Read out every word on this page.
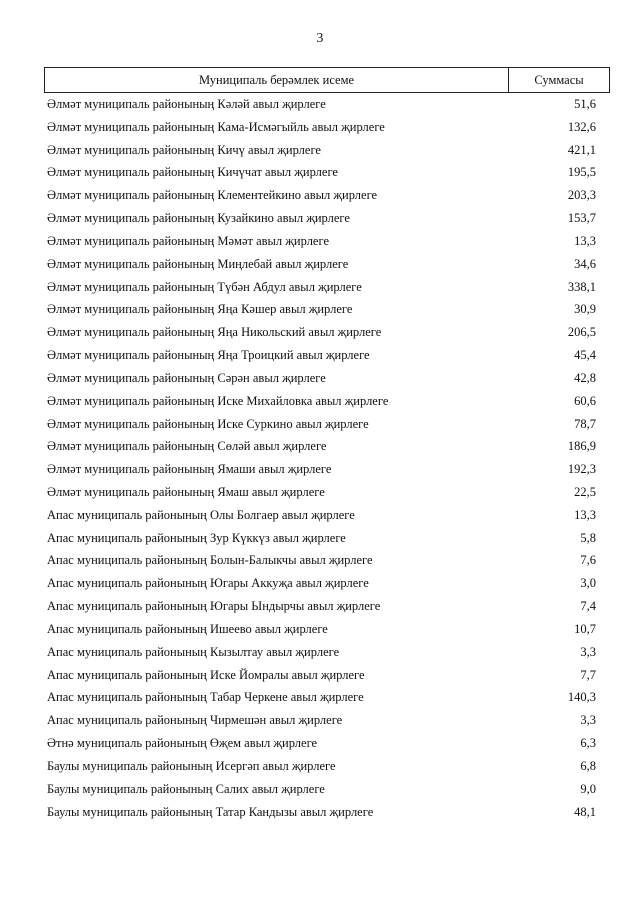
3
Муниципаль берәмлек исеме	Суммасы
Әлмәт муниципаль районының Кәләй авыл җирлеге	51,6
Әлмәт муниципаль районының Кама-Исмәгыйль авыл җирлеге	132,6
Әлмәт муниципаль районының Кичү авыл җирлеге	421,1
Әлмәт муниципаль районының Кичүчат авыл җирлеге	195,5
Әлмәт муниципаль районының Клементейкино авыл җирлеге	203,3
Әлмәт муниципаль районының Кузайкино авыл җирлеге	153,7
Әлмәт муниципаль районының Мәмәт авыл җирлеге	13,3
Әлмәт муниципаль районының Миңлебай авыл җирлеге	34,6
Әлмәт муниципаль районының Түбән Абдул авыл җирлеге	338,1
Әлмәт муниципаль районының Яңа Кәшер авыл җирлеге	30,9
Әлмәт муниципаль районының Яңа Никольский авыл җирлеге	206,5
Әлмәт муниципаль районының Яңа Троицкий авыл җирлеге	45,4
Әлмәт муниципаль районының Сәрән авыл җирлеге	42,8
Әлмәт муниципаль районының Иске Михайловка авыл җирлеге	60,6
Әлмәт муниципаль районының Иске Суркино авыл җирлеге	78,7
Әлмәт муниципаль районының Сөләй авыл җирлеге	186,9
Әлмәт муниципаль районының Ямаши авыл җирлеге	192,3
Әлмәт муниципаль районының Ямаш авыл җирлеге	22,5
Апас муниципаль районының Олы Болгаер авыл җирлеге	13,3
Апас муниципаль районының Зур Күккүз авыл җирлеге	5,8
Апас муниципаль районының Болын-Балыкчы авыл җирлеге	7,6
Апас муниципаль районының Югары Аккуҗа авыл җирлеге	3,0
Апас муниципаль районының Югары Ындырчы авыл җирлеге	7,4
Апас муниципаль районының Ишеево авыл җирлеге	10,7
Апас муниципаль районының Кызылтау авыл җирлеге	3,3
Апас муниципаль районының Иске Йомралы авыл җирлеге	7,7
Апас муниципаль районының Табар Черкене авыл җирлеге	140,3
Апас муниципаль районының Чирмешән авыл җирлеге	3,3
Әтнә муниципаль районының Өҗем авыл җирлеге	6,3
Баулы муниципаль районының Исергәп авыл җирлеге	6,8
Баулы муниципаль районының Салих авыл җирлеге	9,0
Баулы муниципаль районының Татар Кандызы авыл җирлеге	48,1
